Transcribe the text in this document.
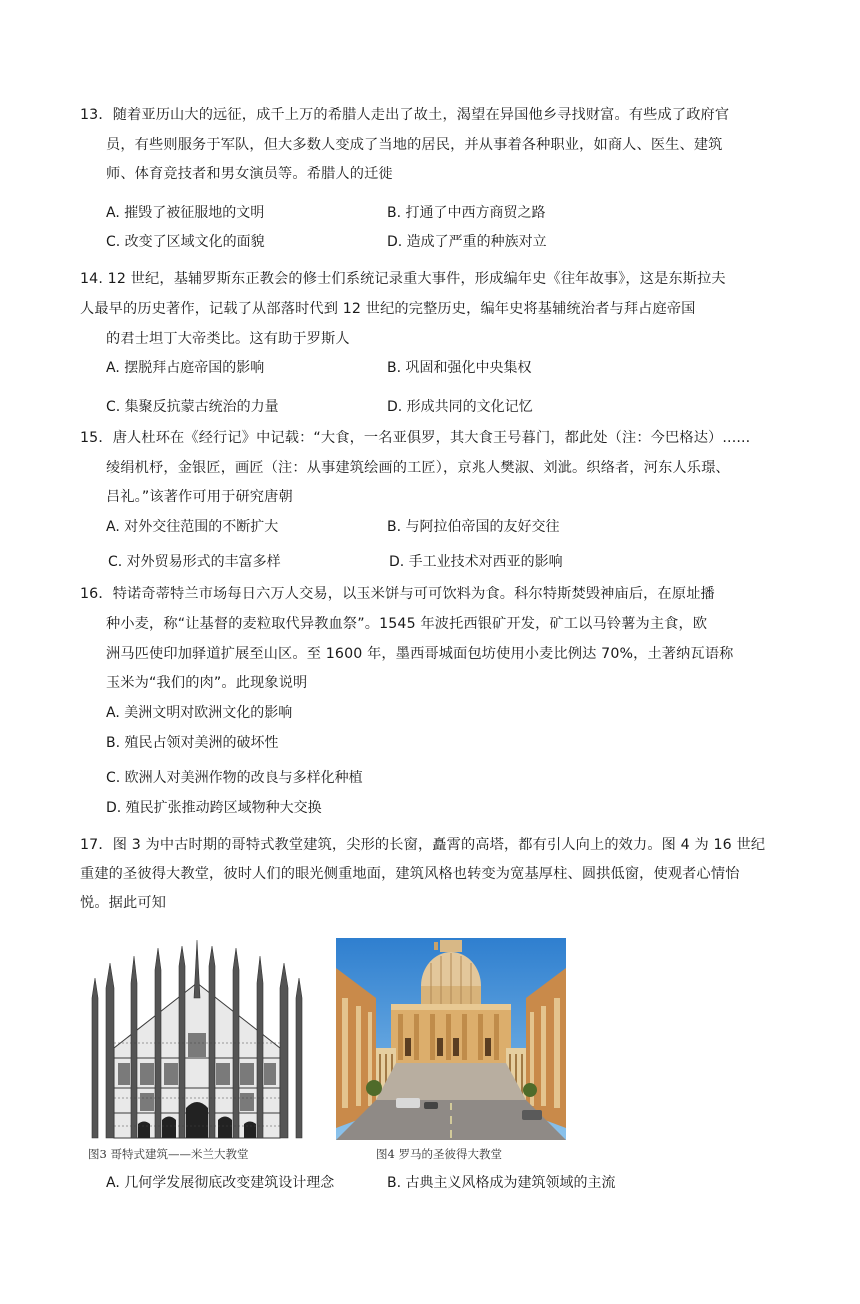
13．随着亚历山大的远征，成千上万的希腊人走出了故土，渴望在异国他乡寻找财富。有些成了政府官
员，有些则服务于军队，但大多数人变成了当地的居民，并从事着各种职业，如商人、医生、建筑
师、体育竞技者和男女演员等。希腊人的迁徙
A. 摧毁了被征服地的文明	B. 打通了中西方商贸之路
C. 改变了区域文化的面貌	D. 造成了严重的种族对立
14. 12 世纪，基辅罗斯东正教会的修士们系统记录重大事件，形成编年史《往年故事》，这是东斯拉夫
人最早的历史著作，记载了从部落时代到 12 世纪的完整历史，编年史将基辅统治者与拜占庭帝国
的君士坦丁大帝类比。这有助于罗斯人
A. 摆脱拜占庭帝国的影响	B. 巩固和强化中央集权
C. 集聚反抗蒙古统治的力量	D. 形成共同的文化记忆
15．唐人杜环在《经行记》中记载：“大食，一名亚俱罗，其大食王号暮门，都此处（注：今巴格达）......
绫绢机杼，金银匠，画匠（注：从事建筑绘画的工匠），京兆人樊淑、刘泚。织络者，河东人乐璟、
吕礼。”该著作可用于研究唐朝
A. 对外交往范围的不断扩大	B. 与阿拉伯帝国的友好交往
C. 对外贸易形式的丰富多样	D. 手工业技术对西亚的影响
16．特诺奇蒂特兰市场每日六万人交易，以玉米饼与可可饮料为食。科尔特斯焚毁神庙后，在原址播
种小麦，称“让基督的麦粒取代异教血祭”。1545 年波托西银矿开发，矿工以马铃薯为主食，欧
洲马匹使印加驿道扩展至山区。至 1600 年，墨西哥城面包坊使用小麦比例达 70%，土著纳瓦语称
玉米为“我们的肉”。此现象说明
A. 美洲文明对欧洲文化的影响
B. 殖民占领对美洲的破坏性
C. 欧洲人对美洲作物的改良与多样化种植
D. 殖民扩张推动跨区域物种大交换
17．图 3 为中古时期的哥特式教堂建筑，尖形的长窗，矗霄的高塔，都有引人向上的效力。图 4 为 16 世纪
重建的圣彼得大教堂，彼时人们的眼光侧重地面，建筑风格也转变为宽基厚柱、圆拱低窗，使观者心情怡
悦。据此可知
图3 哥特式建筑——米兰大教堂	图4 罗马的圣彼得大教堂
A. 几何学发展彻底改变建筑设计理念	B. 古典主义风格成为建筑领域的主流
